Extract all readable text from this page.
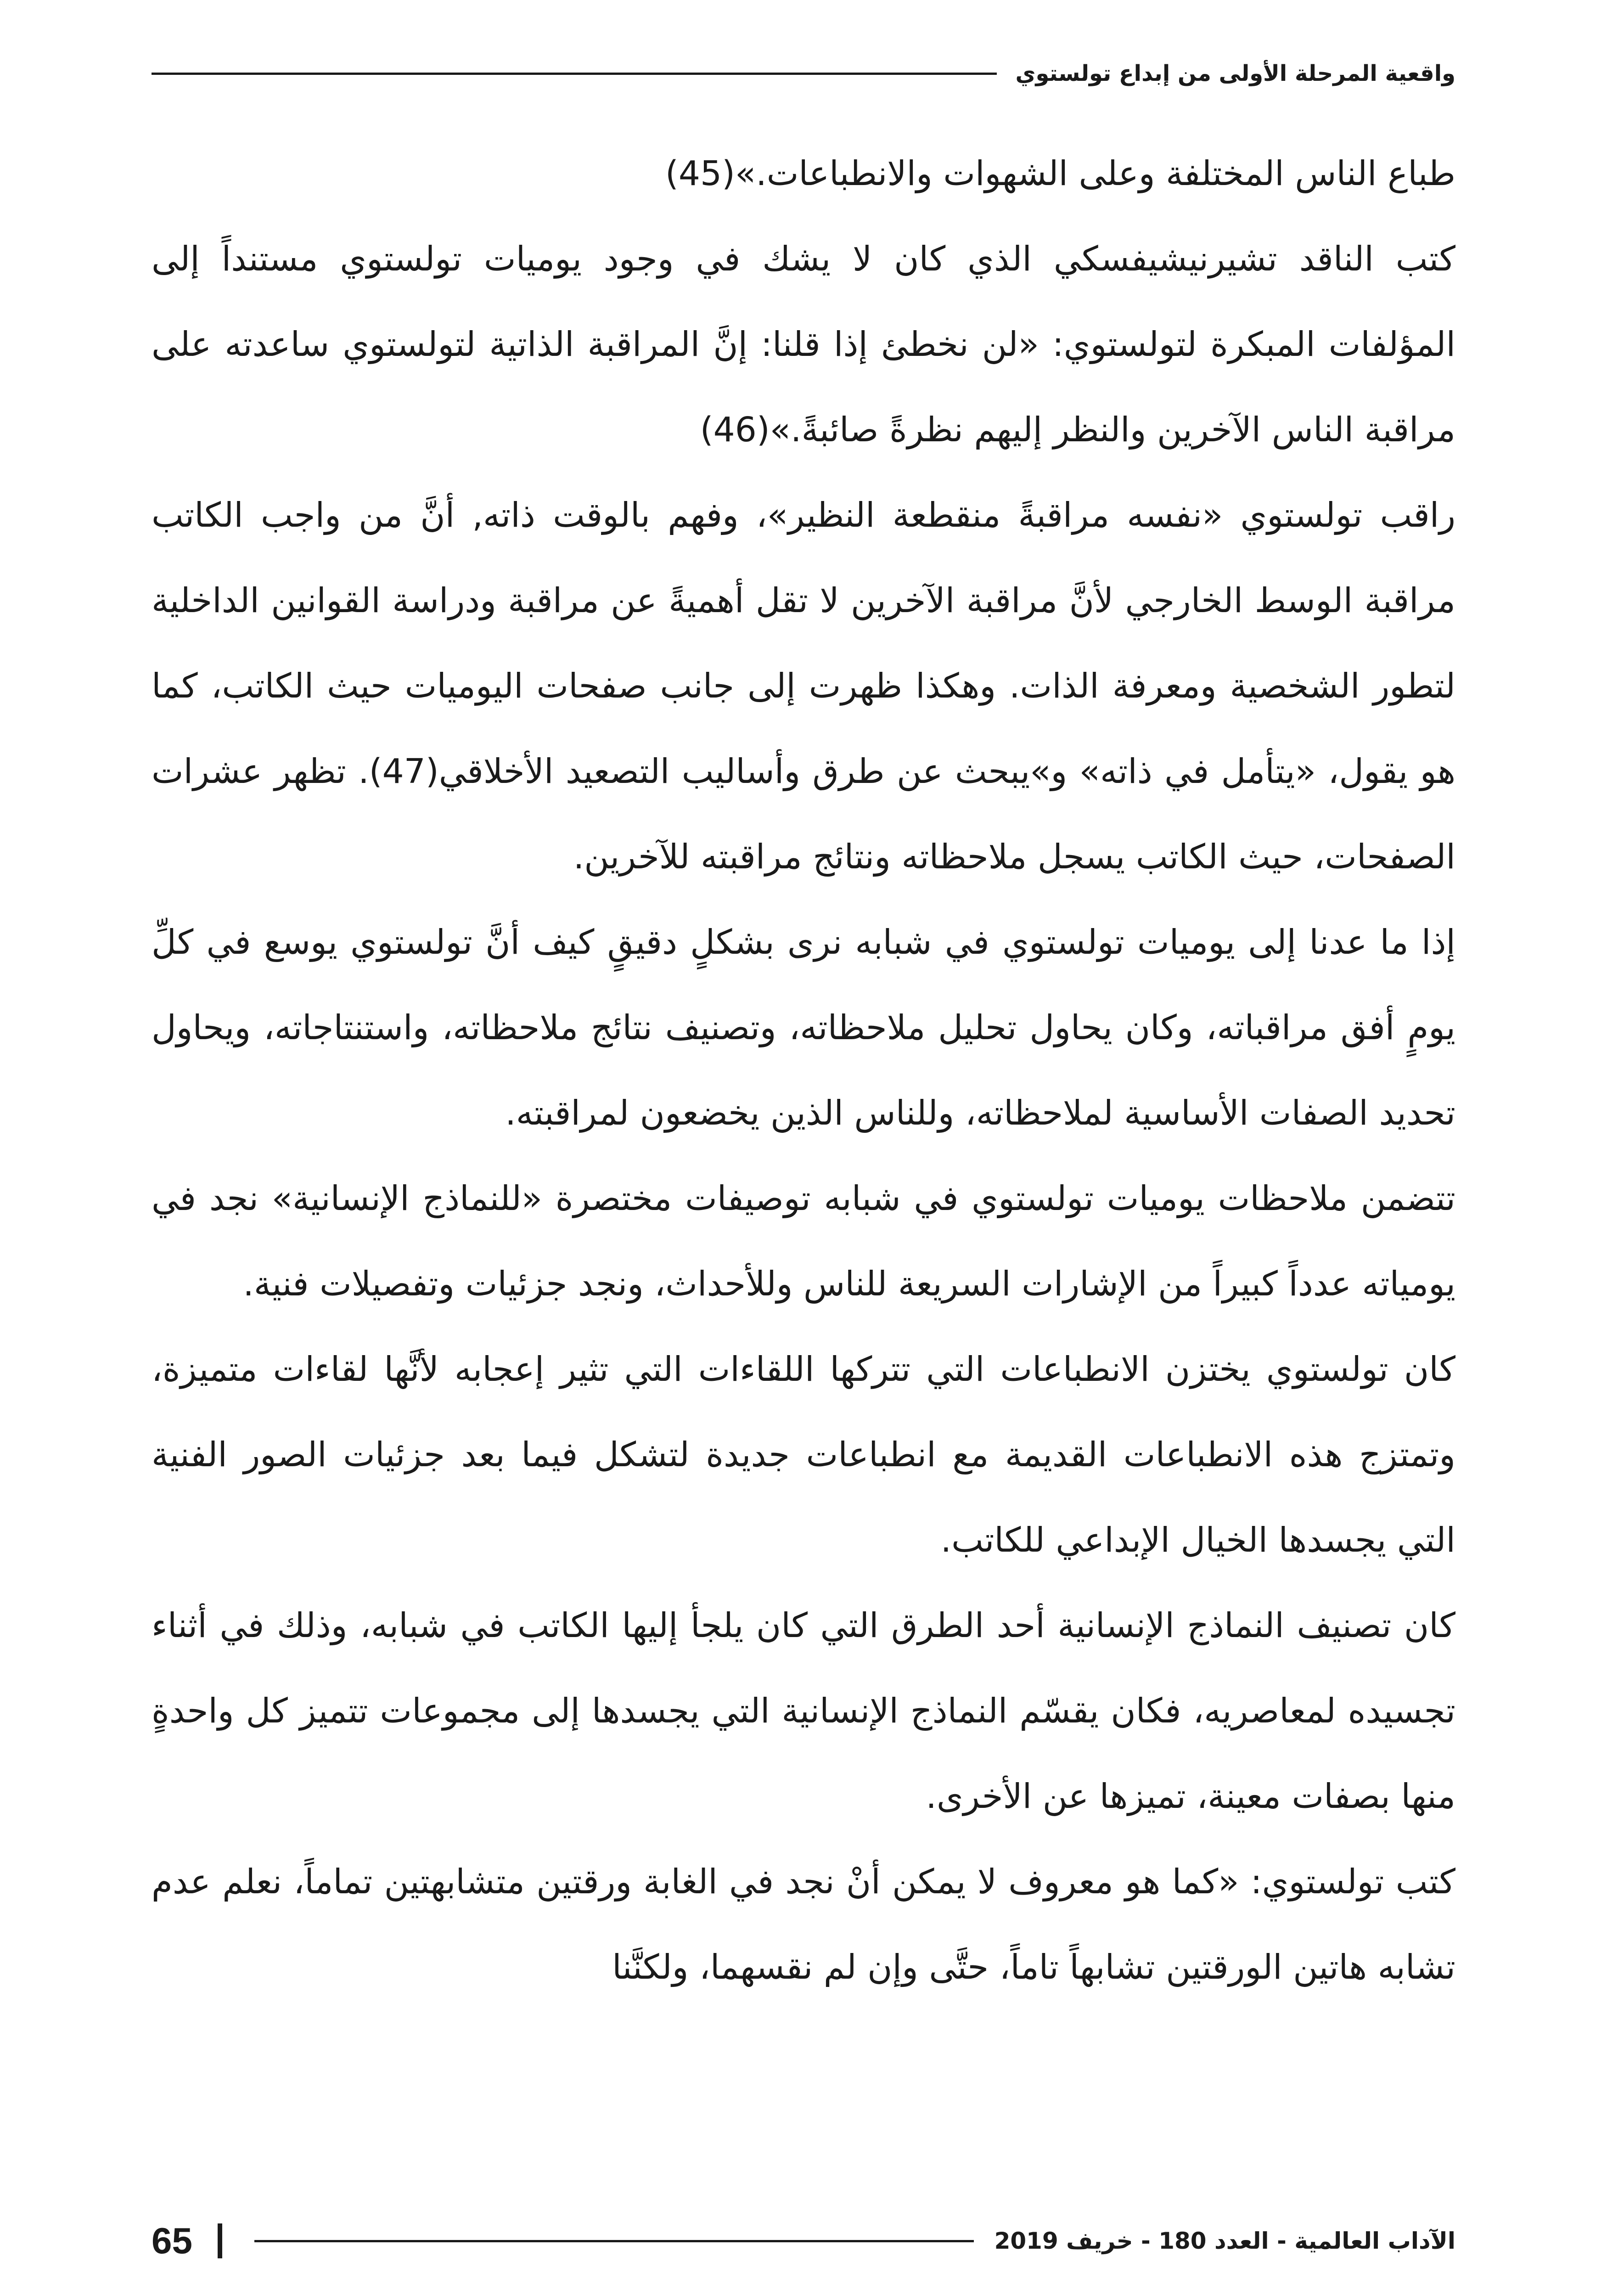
واقعية المرحلة الأولى من إبداع تولستوي

طباع الناس المختلفة وعلى الشهوات والانطباعات.»(45)

كتب الناقد تشيرنيشيفسكي الذي كان لا يشك في وجود يوميات تولستوي مستنداً إلى المؤلفات المبكرة لتولستوي: «لن نخطئ إذا قلنا: إنَّ المراقبة الذاتية لتولستوي ساعدته على مراقبة الناس الآخرين والنظر إليهم نظرةً صائبةً.»(46)

راقب تولستوي «نفسه مراقبةً منقطعة النظير»، وفهم بالوقت ذاته, أنَّ من واجب الكاتب مراقبة الوسط الخارجي لأنَّ مراقبة الآخرين لا تقل أهميةً عن مراقبة ودراسة القوانين الداخلية لتطور الشخصية ومعرفة الذات. وهكذا ظهرت إلى جانب صفحات اليوميات حيث الكاتب، كما هو يقول، «يتأمل في ذاته» و»يبحث عن طرق وأساليب التصعيد الأخلاقي(47). تظهر عشرات الصفحات، حيث الكاتب يسجل ملاحظاته ونتائج مراقبته للآخرين.

إذا ما عدنا إلى يوميات تولستوي في شبابه نرى بشكلٍ دقيقٍ كيف أنَّ تولستوي يوسع في كلِّ يومٍ أفق مراقباته، وكان يحاول تحليل ملاحظاته، وتصنيف نتائج ملاحظاته، واستنتاجاته، ويحاول تحديد الصفات الأساسية لملاحظاته، وللناس الذين يخضعون لمراقبته.

تتضمن ملاحظات يوميات تولستوي في شبابه توصيفات مختصرة «للنماذج الإنسانية» نجد في يومياته عدداً كبيراً من الإشارات السريعة للناس وللأحداث، ونجد جزئيات وتفصيلات فنية.

كان تولستوي يختزن الانطباعات التي تتركها اللقاءات التي تثير إعجابه لأنَّها لقاءات متميزة، وتمتزج هذه الانطباعات القديمة مع انطباعات جديدة لتشكل فيما بعد جزئيات الصور الفنية التي يجسدها الخيال الإبداعي للكاتب.

كان تصنيف النماذج الإنسانية أحد الطرق التي كان يلجأ إليها الكاتب في شبابه، وذلك في أثناء تجسيده لمعاصريه، فكان يقسّم النماذج الإنسانية التي يجسدها إلى مجموعات تتميز كل واحدةٍ منها بصفات معينة، تميزها عن الأخرى.

كتب تولستوي: «كما هو معروف لا يمكن أنْ نجد في الغابة ورقتين متشابهتين تماماً، نعلم عدم تشابه هاتين الورقتين تشابهاً تاماً، حتَّى وإن لم نقسهما، ولكنَّنا

65	الآداب العالمية - العدد 180 - خريف 2019
